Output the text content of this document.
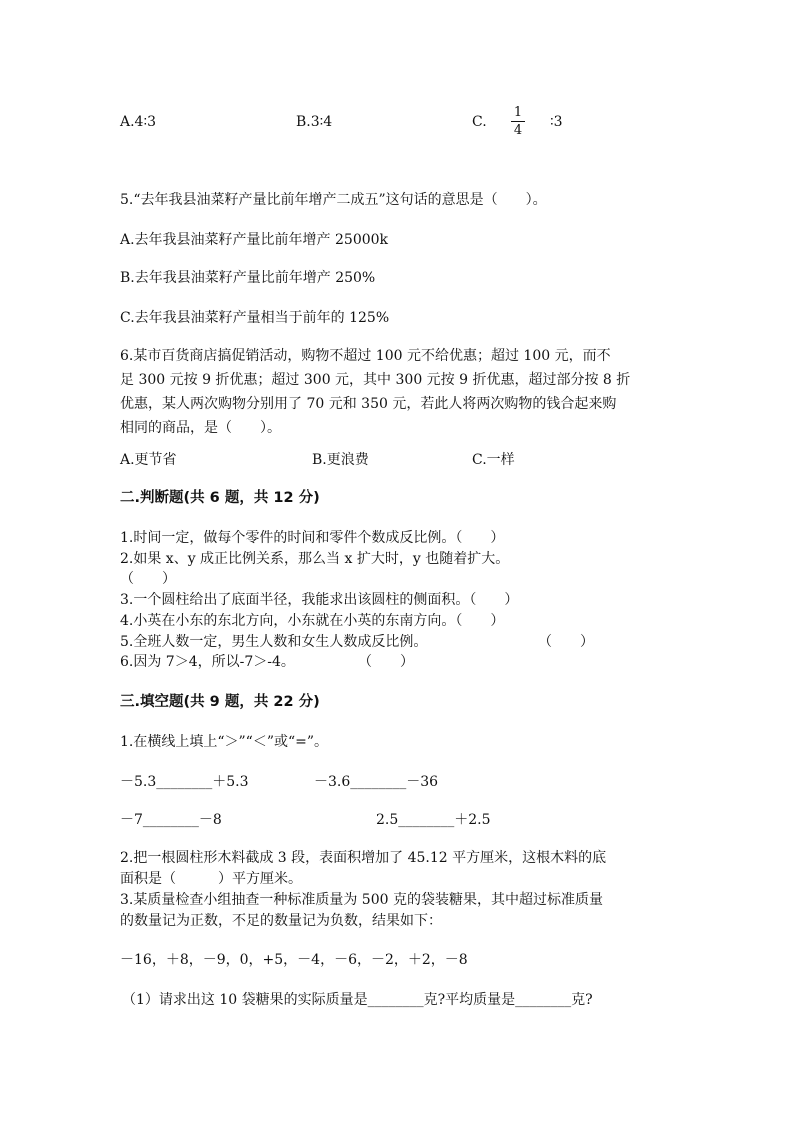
A.4∶3	B.3∶4	C.
1
4
∶3
5.“去年我县油菜籽产量比前年增产二成五”这句话的意思是（　　）。
A.去年我县油菜籽产量比前年增产 25000k
B.去年我县油菜籽产量比前年增产 250%
C.去年我县油菜籽产量相当于前年的 125%
6.某市百货商店搞促销活动，购物不超过 100 元不给优惠；超过 100 元，而不
足 300 元按 9 折优惠；超过 300 元，其中 300 元按 9 折优惠，超过部分按 8 折
优惠，某人两次购物分别用了 70 元和 350 元，若此人将两次购物的钱合起来购
相同的商品，是（　　）。
A.更节省	B.更浪费	C.一样
二.判断题(共 6 题，共 12 分)
1.时间一定，做每个零件的时间和零件个数成反比例。（　　）
2.如果 x、y 成正比例关系，那么当 x 扩大时，y 也随着扩大。
（　　）
3.一个圆柱给出了底面半径，我能求出该圆柱的侧面积。（　　）
4.小英在小东的东北方向，小东就在小英的东南方向。（　　）
5.全班人数一定，男生人数和女生人数成反比例。	（　　）
6.因为 7＞4，所以-7＞-4。	（　　）
三.填空题(共 9 题，共 22 分)
1.在横线上填上“＞”“＜”或“=”。
－5.3________＋5.3	－3.6________－36
－7________－8	2.5________＋2.5
2.把一根圆柱形木料截成 3 段，表面积增加了 45.12 平方厘米，这根木料的底
面积是（　　　）平方厘米。
3.某质量检查小组抽查一种标准质量为 500 克的袋装糖果，其中超过标准质量
的数量记为正数，不足的数量记为负数，结果如下：
－16，＋8，－9，0，+5，－4，－6，－2，＋2，－8
（1）请求出这 10 袋糖果的实际质量是________克?平均质量是________克?
